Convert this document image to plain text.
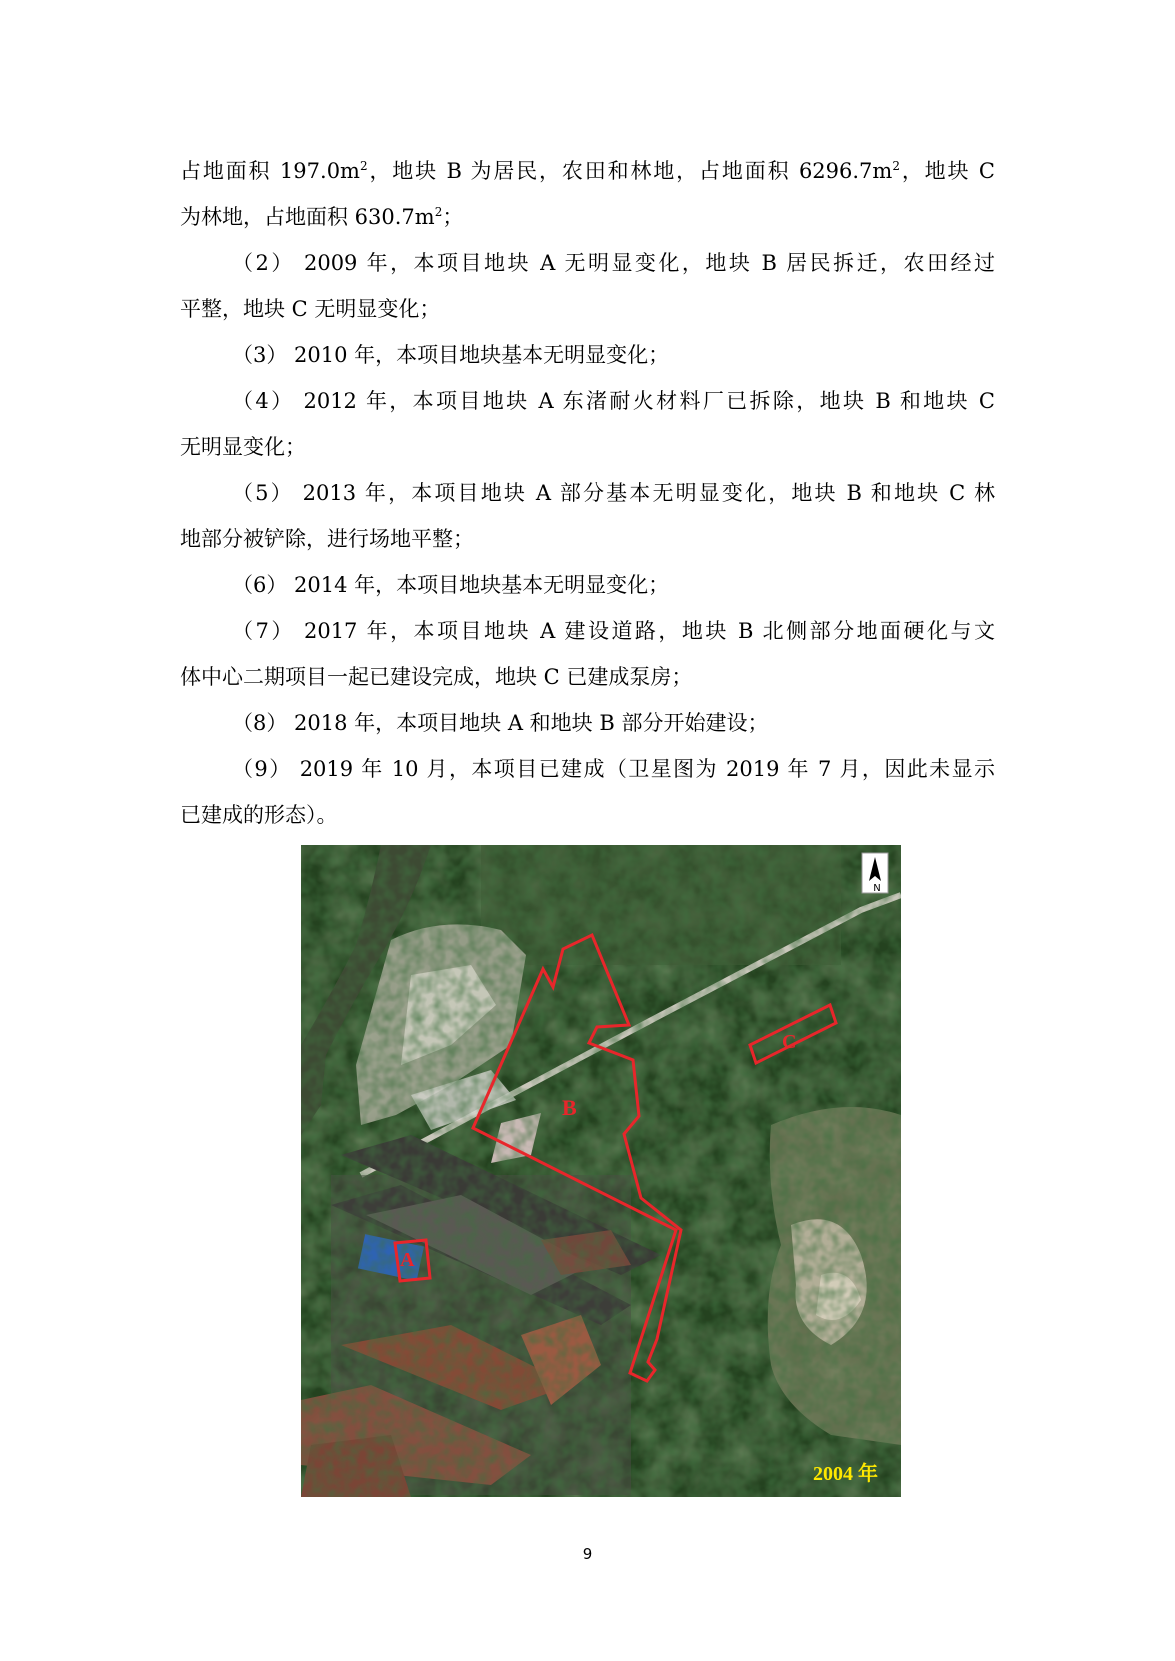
占地面积 $197.0m^2$，地块 B 为居民，农田和林地，占地面积 $6296.7m^2$，地块 C
为林地，占地面积 $630.7m^2$；
（2） 2009 年，本项目地块 A 无明显变化，地块 B 居民拆迁，农田经过
平整，地块 C 无明显变化；
（3） 2010 年，本项目地块基本无明显变化；
（4） 2012 年，本项目地块 A 东渚耐火材料厂已拆除，地块 B 和地块 C
无明显变化；
（5） 2013 年，本项目地块 A 部分基本无明显变化，地块 B 和地块 C 林
地部分被铲除，进行场地平整；
（6） 2014 年，本项目地块基本无明显变化；
（7） 2017 年，本项目地块 A 建设道路，地块 B 北侧部分地面硬化与文
体中心二期项目一起已建设完成，地块 C 已建成泵房；
（8） 2018 年，本项目地块 A 和地块 B 部分开始建设；
（9） 2019 年 10 月，本项目已建成（卫星图为 2019 年 7 月，因此未显示
已建成的形态）。
B
A
C
N
2004 年
9
